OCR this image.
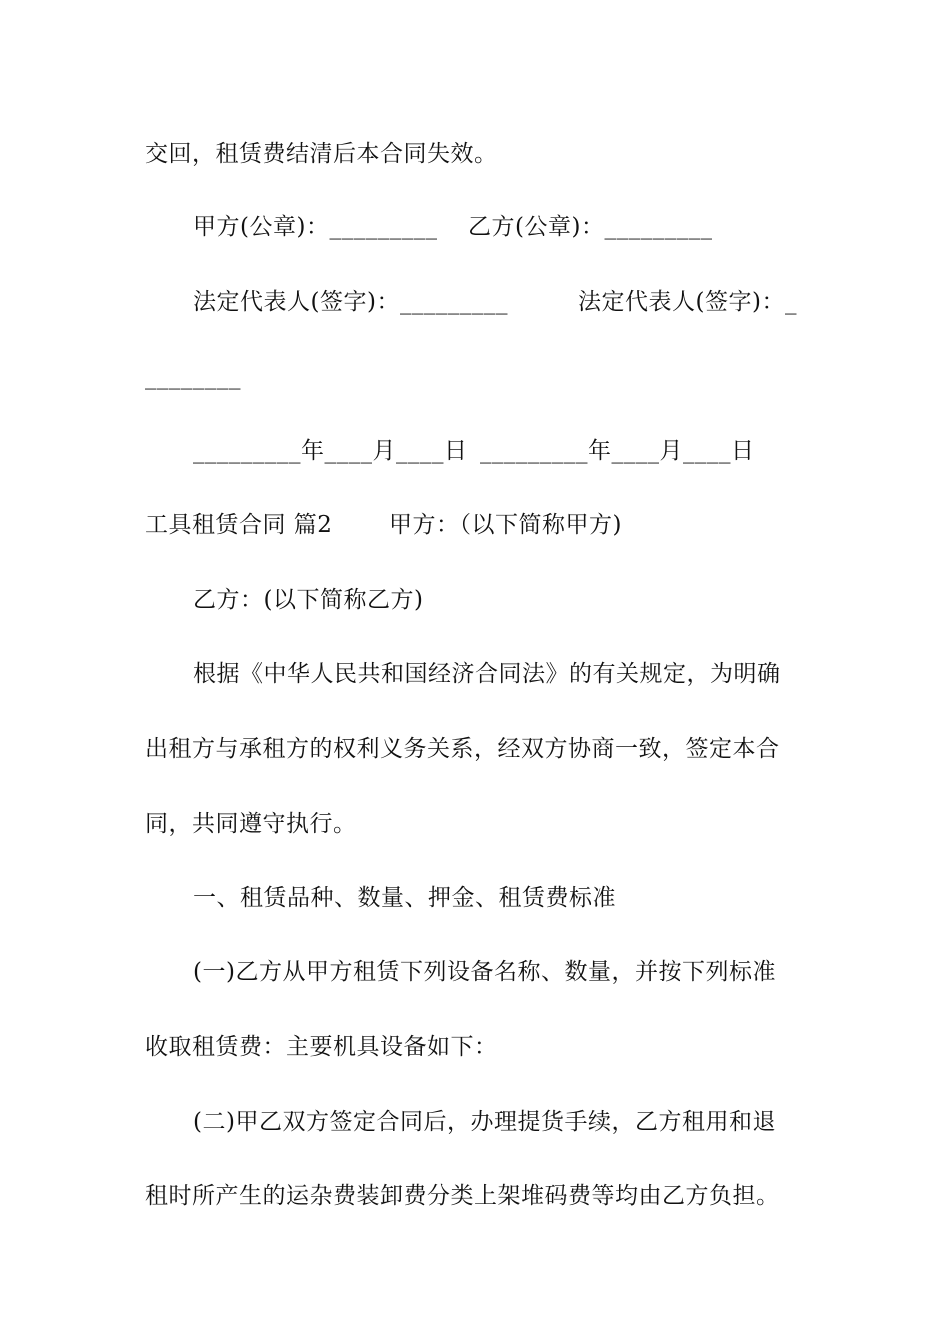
交回，租赁费结清后本合同失效。
甲方(公章)：_________ 乙方(公章)：_________
法定代表人(签字)：_________	法定代表人(签字)：_
________
_________年____月____日 _________年____月____日
工具租赁合同 篇2 甲方：（以下简称甲方)
乙方：(以下简称乙方)
根据《中华人民共和国经济合同法》的有关规定，为明确
出租方与承租方的权利义务关系，经双方协商一致，签定本合
同，共同遵守执行。
一、租赁品种、数量、押金、租赁费标准
(一)乙方从甲方租赁下列设备名称、数量，并按下列标准
收取租赁费：主要机具设备如下：
(二)甲乙双方签定合同后，办理提货手续，乙方租用和退
租时所产生的运杂费装卸费分类上架堆码费等均由乙方负担。
